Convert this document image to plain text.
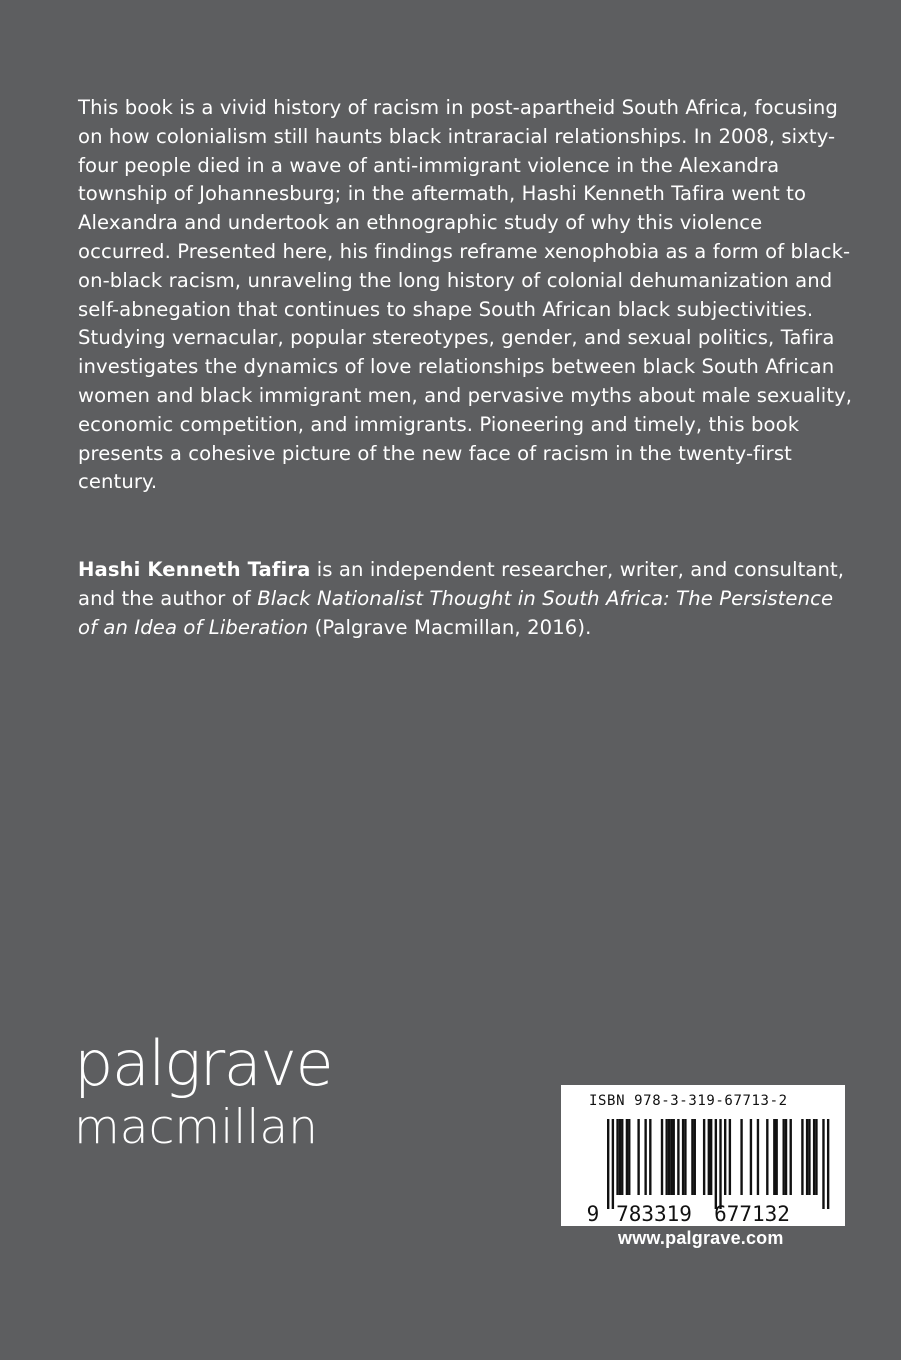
This book is a vivid history of racism in post-apartheid South Africa, focusing on how colonialism still haunts black intraracial relationships. In 2008, sixty-four people died in a wave of anti-immigrant violence in the Alexandra township of Johannesburg; in the aftermath, Hashi Kenneth Tafira went to Alexandra and undertook an ethnographic study of why this violence occurred. Presented here, his findings reframe xenophobia as a form of black-on-black racism, unraveling the long history of colonial dehumanization and self-abnegation that continues to shape South African black subjectivities. Studying vernacular, popular stereotypes, gender, and sexual politics, Tafira investigates the dynamics of love relationships between black South African women and black immigrant men, and pervasive myths about male sexuality, economic competition, and immigrants. Pioneering and timely, this book presents a cohesive picture of the new face of racism in the twenty-first century.

Hashi Kenneth Tafira is an independent researcher, writer, and consultant, and the author of Black Nationalist Thought in South Africa: The Persistence of an Idea of Liberation (Palgrave Macmillan, 2016).

palgrave
macmillan	ISBN 978-3-319-67713-2
9 783319 677132
www.palgrave.com
